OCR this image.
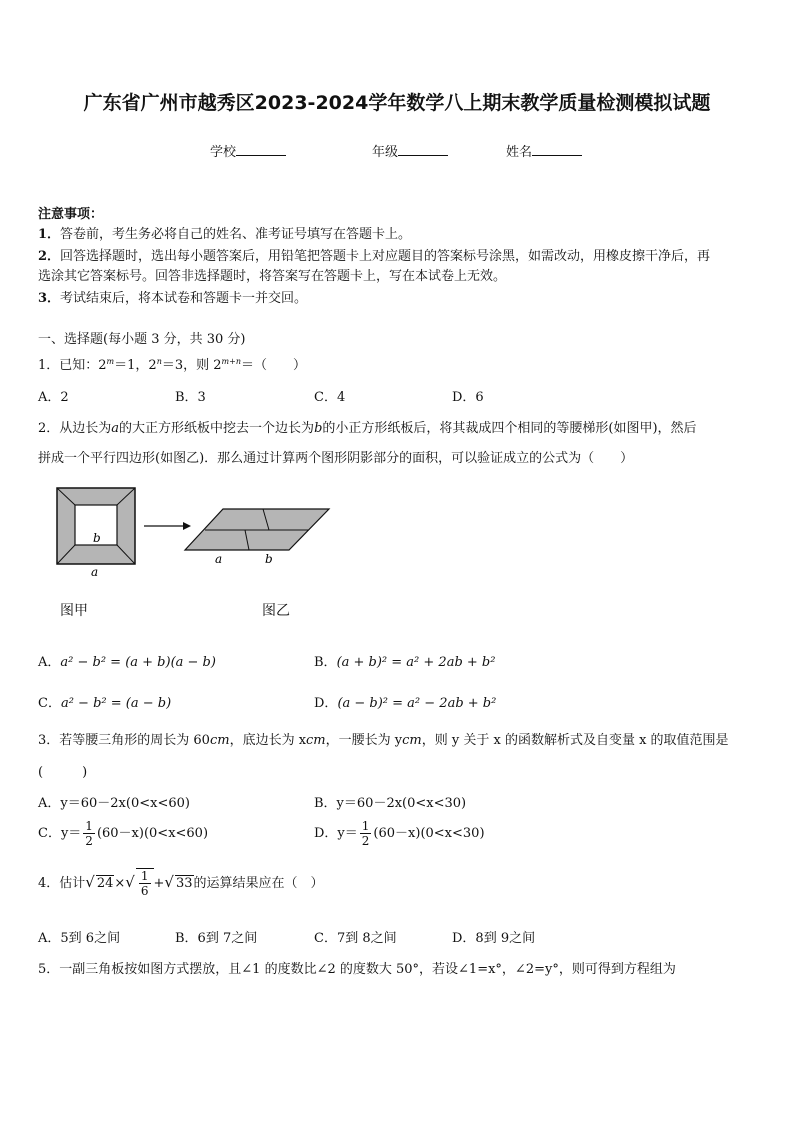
广东省广州市越秀区2023-2024学年数学八上期末教学质量检测模拟试题
学校	年级	姓名
注意事项：
1．答卷前，考生务必将自己的姓名、准考证号填写在答题卡上。
2．回答选择题时，选出每小题答案后，用铅笔把答题卡上对应题目的答案标号涂黑，如需改动，用橡皮擦干净后，再
选涂其它答案标号。回答非选择题时，将答案写在答题卡上，写在本试卷上无效。
3．考试结束后，将本试卷和答题卡一并交回。
一、选择题(每小题 3 分，共 30 分)
1．已知：$2^m=1$，$2^n=3$，则 $2^{m+n}=$（　　）
A．2	B．3	C．4	D．6
2．从边长为a的大正方形纸板中挖去一个边长为b的小正方形纸板后，将其裁成四个相同的等腰梯形(如图甲)，然后
拼成一个平行四边形(如图乙)．那么通过计算两个图形阴影部分的面积，可以验证成立的公式为（　　）
b
a
a	b
图甲	图乙
A．a² − b² = (a + b)(a − b)	B．(a + b)² = a² + 2ab + b²
C．a² − b² = (a − b)	D．(a − b)² = a² − 2ab + b²
3．若等腰三角形的周长为 60cm，底边长为 xcm，一腰长为 ycm，则 y 关于 x 的函数解析式及自变量 x 的取值范围是
(　　　)
A．y＝60－2x(0<x<60)	B．y＝60－2x(0<x<30)
C．$y= \frac{1}{2} (60-x)(0<x<60)$	D．$y= \frac{1}{2} (60-x)(0<x<30)$
4．估计√ $24\times√ \frac{1}{6}$ +√ 33的运算结果应在（　）
A．5到 6之间	B．6到 7之间	C．7到 8之间	D．8到 9之间
5．一副三角板按如图方式摆放，且∠1 的度数比∠2 的度数大 50°，若设∠1=x°，∠2=y°，则可得到方程组为
